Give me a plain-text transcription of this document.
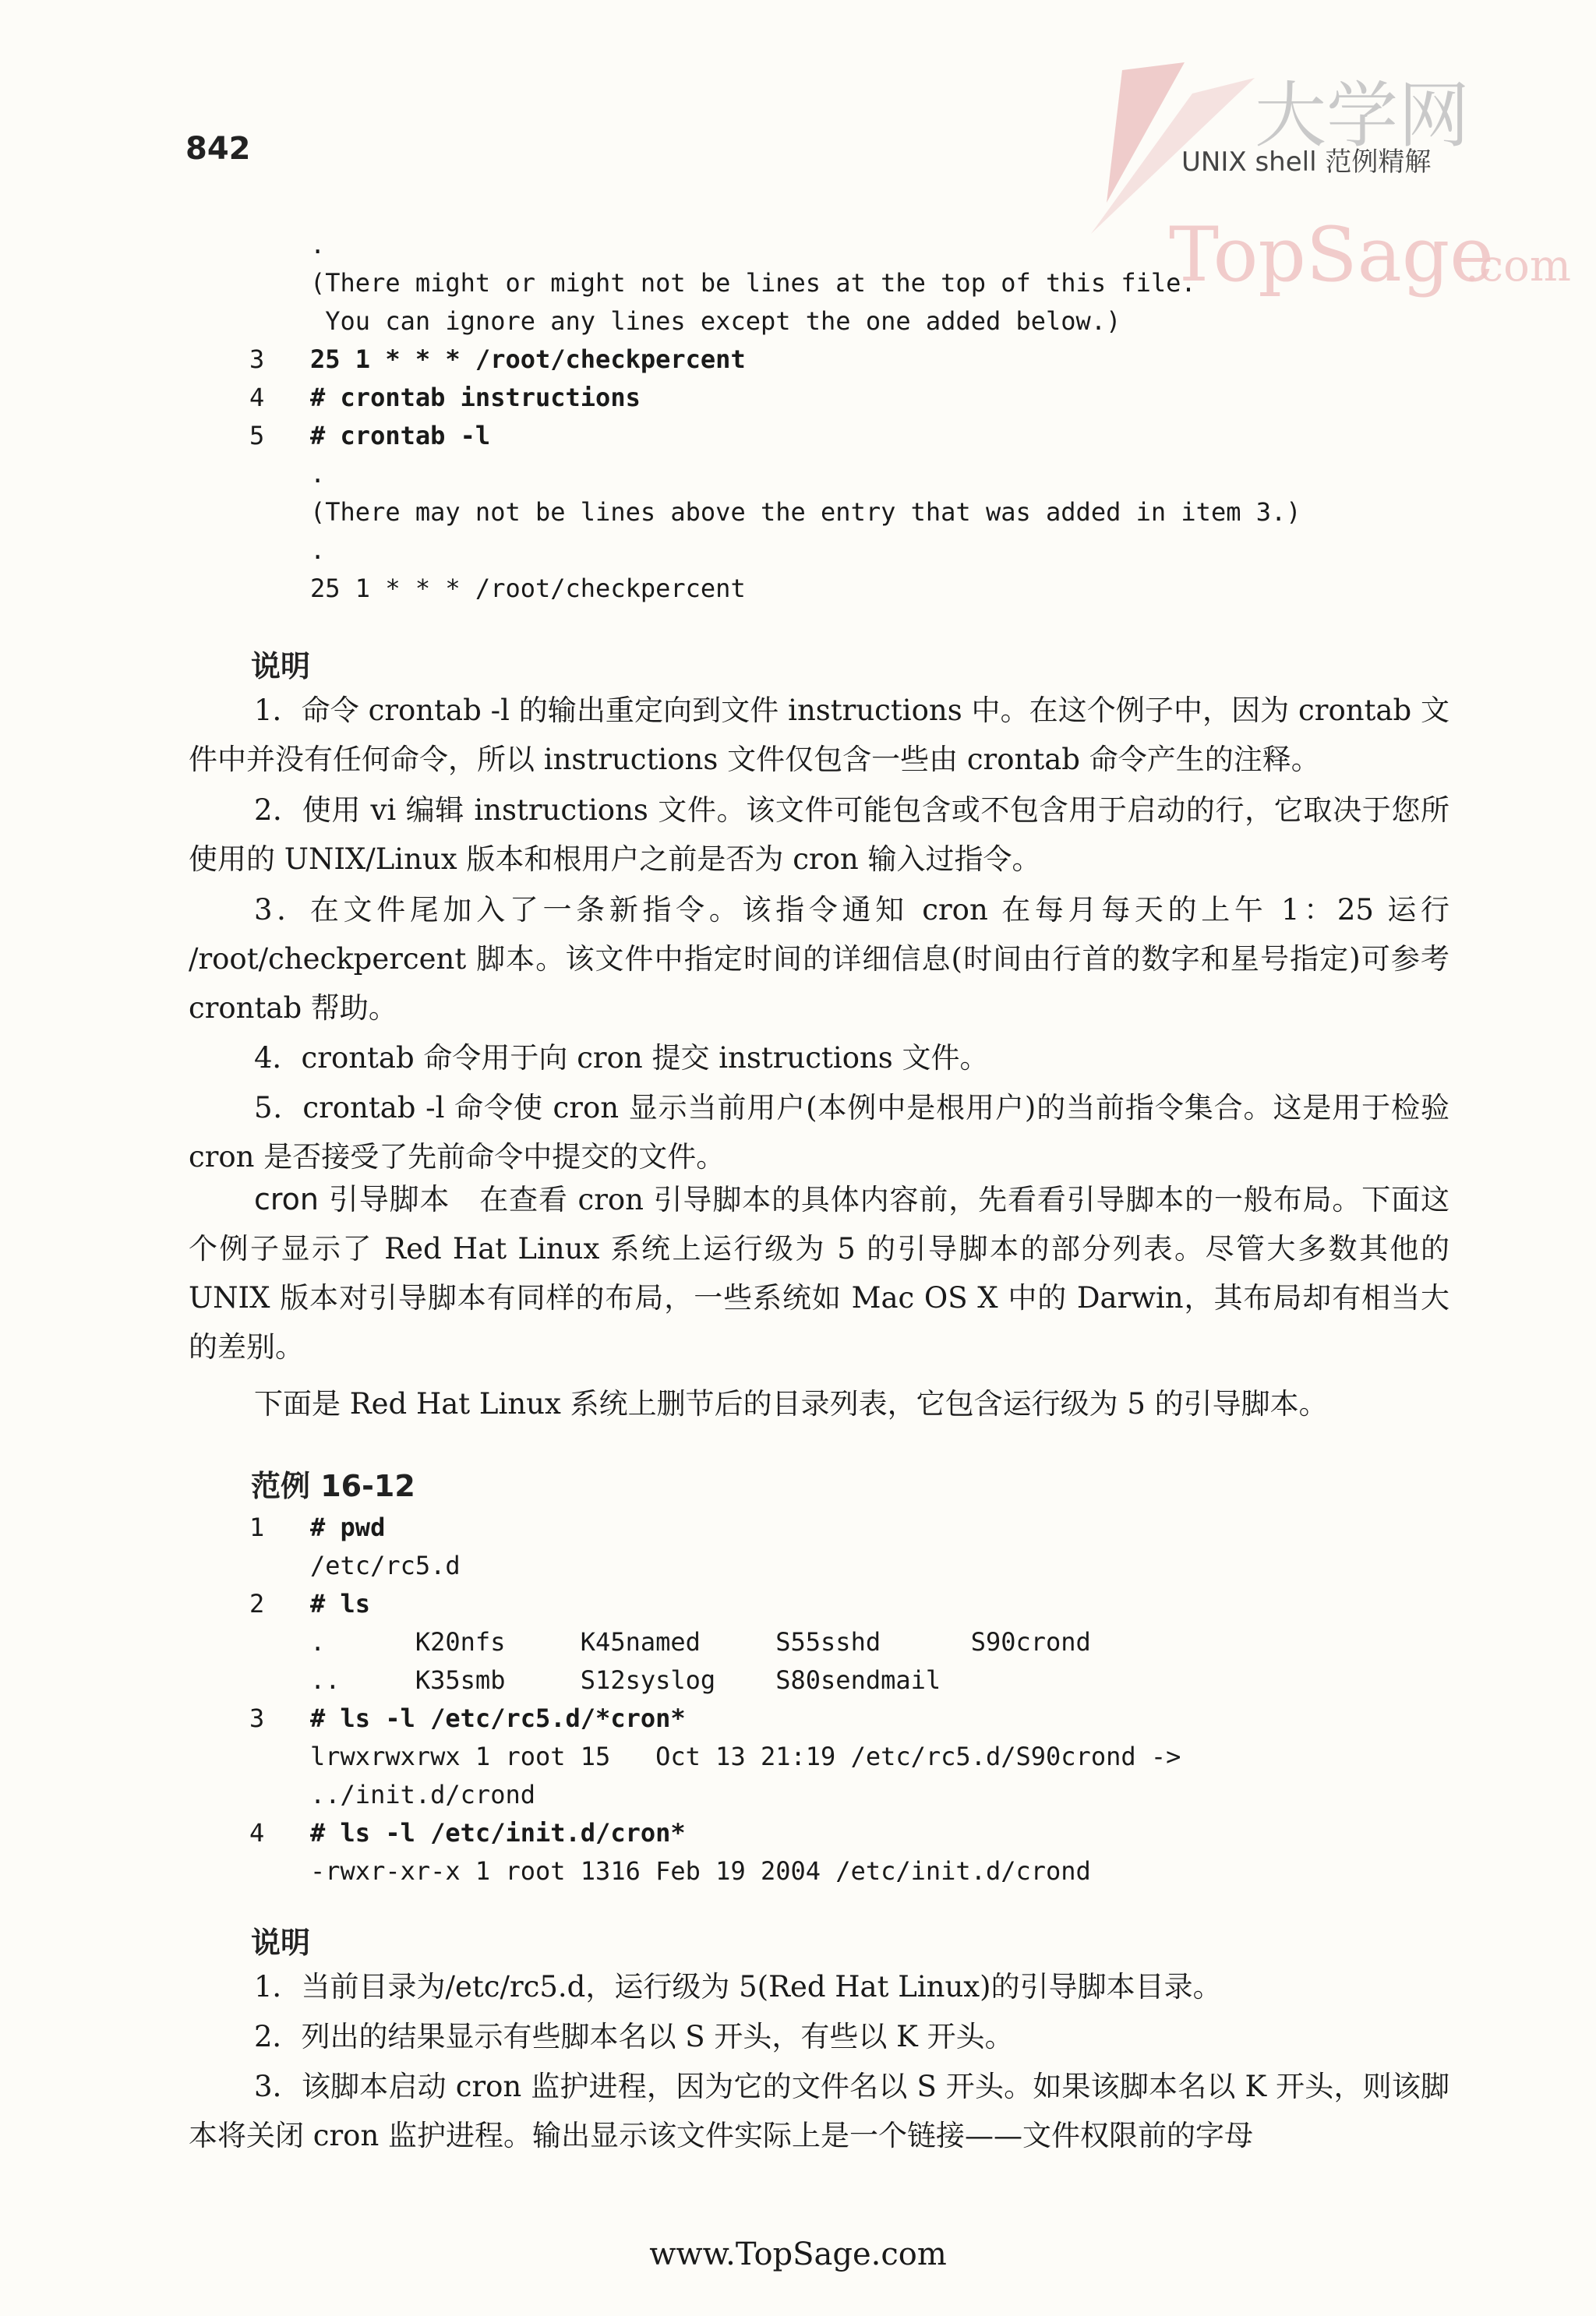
842	大学网
TopSage
.com
UNIX shell 范例精解
.
(There might or might not be lines at the top of this file.
You can ignore any lines except the one added below.)
3	25 1 * * * /root/checkpercent
4	# crontab instructions
5	# crontab -l
.
(There may not be lines above the entry that was added in item 3.)
.
25 1 * * * /root/checkpercent
说明
1．命令 crontab -l 的输出重定向到文件 instructions 中。在这个例子中，因为 crontab 文件中并没有任何命令，所以 instructions 文件仅包含一些由 crontab 命令产生的注释。
2．使用 vi 编辑 instructions 文件。该文件可能包含或不包含用于启动的行，它取决于您所使用的 UNIX/Linux 版本和根用户之前是否为 cron 输入过指令。
3．在文件尾加入了一条新指令。该指令通知 cron 在每月每天的上午 1：25 运行 /root/checkpercent 脚本。该文件中指定时间的详细信息(时间由行首的数字和星号指定)可参考 crontab 帮助。
4．crontab 命令用于向 cron 提交 instructions 文件。
5．crontab -l 命令使 cron 显示当前用户(本例中是根用户)的当前指令集合。这是用于检验 cron 是否接受了先前命令中提交的文件。
cron 引导脚本　 在查看 cron 引导脚本的具体内容前，先看看引导脚本的一般布局。下面这个例子显示了 Red Hat Linux 系统上运行级为 5 的引导脚本的部分列表。尽管大多数其他的 UNIX 版本对引导脚本有同样的布局，一些系统如 Mac OS X 中的 Darwin，其布局却有相当大的差别。
下面是 Red Hat Linux 系统上删节后的目录列表，它包含运行级为 5 的引导脚本。
范例 16-12
1	# pwd
/etc/rc5.d
2	# ls
.      K20nfs     K45named     S55sshd      S90crond
..     K35smb     S12syslog    S80sendmail
3	# ls -l /etc/rc5.d/*cron*
lrwxrwxrwx 1 root 15   Oct 13 21:19 /etc/rc5.d/S90crond ->
../init.d/crond
4	# ls -l /etc/init.d/cron*
-rwxr-xr-x 1 root 1316 Feb 19 2004 /etc/init.d/crond
说明
1．当前目录为/etc/rc5.d，运行级为 5(Red Hat Linux)的引导脚本目录。
2．列出的结果显示有些脚本名以 S 开头，有些以 K 开头。
3．该脚本启动 cron 监护进程，因为它的文件名以 S 开头。如果该脚本名以 K 开头，则该脚本将关闭 cron 监护进程。输出显示该文件实际上是一个链接——文件权限前的字母
www.TopSage.com
